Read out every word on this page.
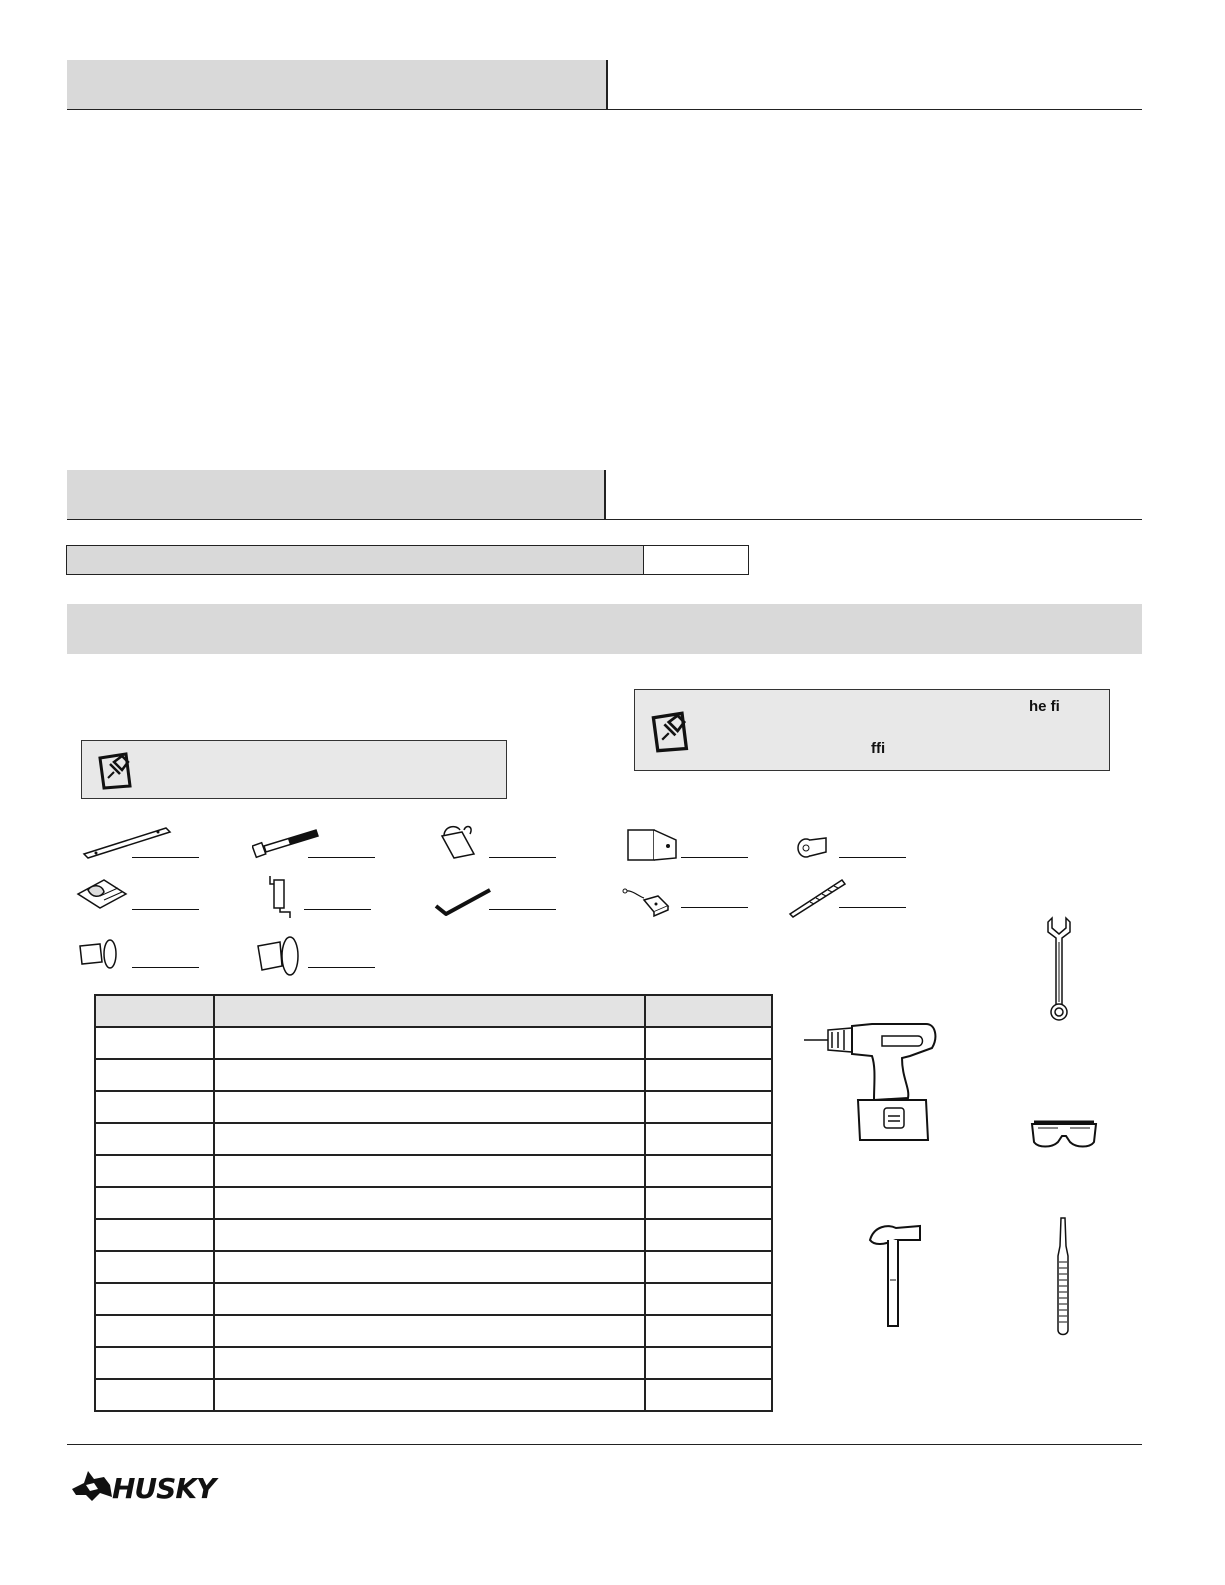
he fi
ffi

HUSKY
